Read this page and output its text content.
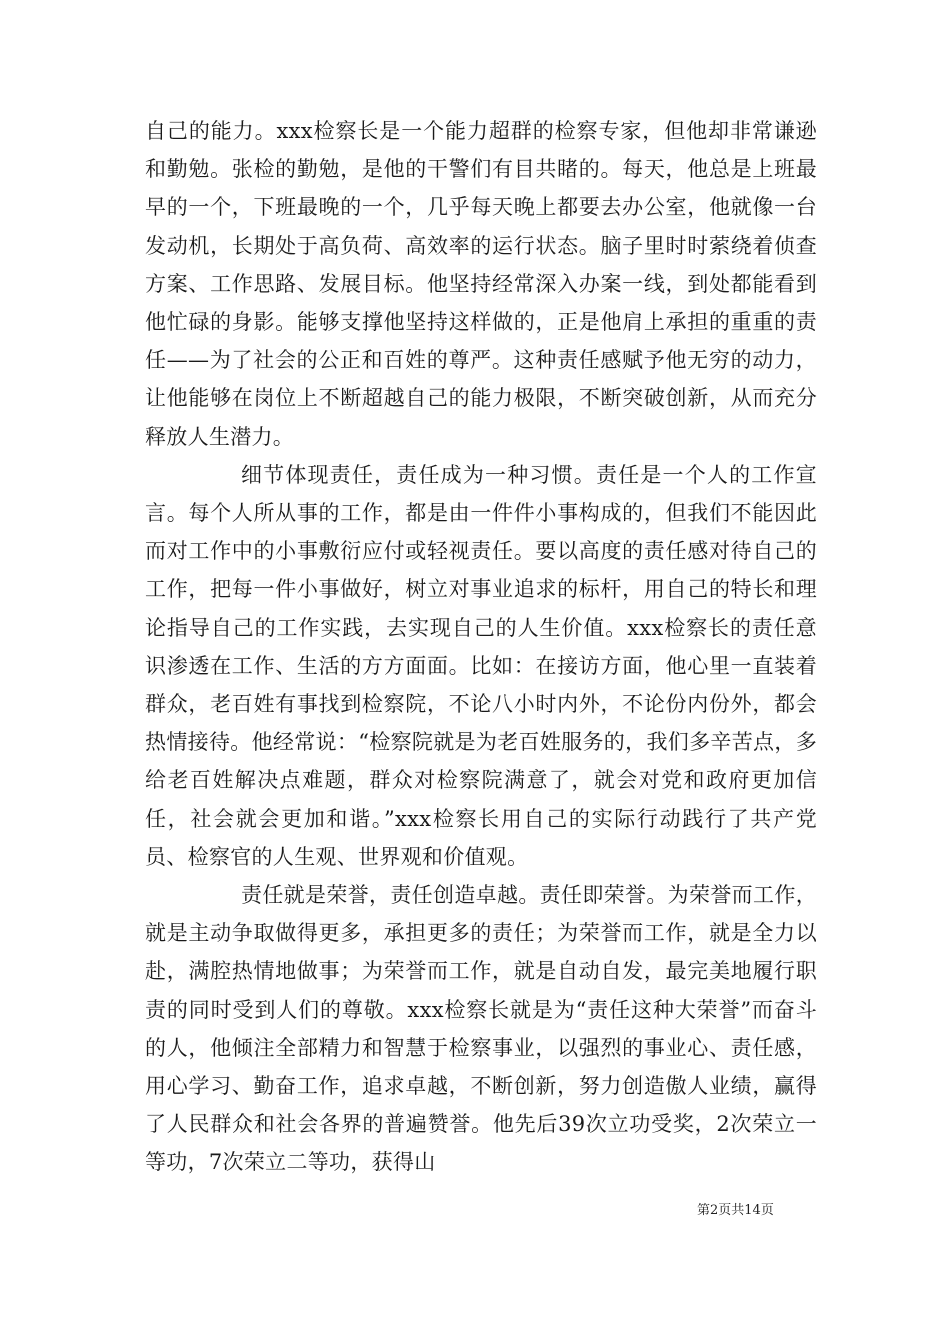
自己的能力。xxx检察长是一个能力超群的检察专家，但他却非常谦逊和勤勉。张检的勤勉，是他的干警们有目共睹的。每天，他总是上班最早的一个，下班最晚的一个，几乎每天晚上都要去办公室，他就像一台发动机，长期处于高负荷、高效率的运行状态。脑子里时时萦绕着侦查方案、工作思路、发展目标。他坚持经常深入办案一线，到处都能看到他忙碌的身影。能够支撑他坚持这样做的，正是他肩上承担的重重的责任——为了社会的公正和百姓的尊严。这种责任感赋予他无穷的动力，让他能够在岗位上不断超越自己的能力极限，不断突破创新，从而充分释放人生潜力。

细节体现责任，责任成为一种习惯。责任是一个人的工作宣言。每个人所从事的工作，都是由一件件小事构成的，但我们不能因此而对工作中的小事敷衍应付或轻视责任。要以高度的责任感对待自己的工作，把每一件小事做好，树立对事业追求的标杆，用自己的特长和理论指导自己的工作实践，去实现自己的人生价值。xxx检察长的责任意识渗透在工作、生活的方方面面。比如：在接访方面，他心里一直装着群众，老百姓有事找到检察院，不论八小时内外，不论份内份外，都会热情接待。他经常说：“检察院就是为老百姓服务的，我们多辛苦点，多给老百姓解决点难题，群众对检察院满意了，就会对党和政府更加信任，社会就会更加和谐。”xxx检察长用自己的实际行动践行了共产党员、检察官的人生观、世界观和价值观。

责任就是荣誉，责任创造卓越。责任即荣誉。为荣誉而工作，就是主动争取做得更多，承担更多的责任；为荣誉而工作，就是全力以赴，满腔热情地做事；为荣誉而工作，就是自动自发，最完美地履行职责的同时受到人们的尊敬。xxx检察长就是为“责任这种大荣誉”而奋斗的人，他倾注全部精力和智慧于检察事业，以强烈的事业心、责任感，用心学习、勤奋工作，追求卓越，不断创新，努力创造傲人业绩，赢得了人民群众和社会各界的普遍赞誉。他先后39次立功受奖，2次荣立一等功，7次荣立二等功，获得山

第2页共14页
